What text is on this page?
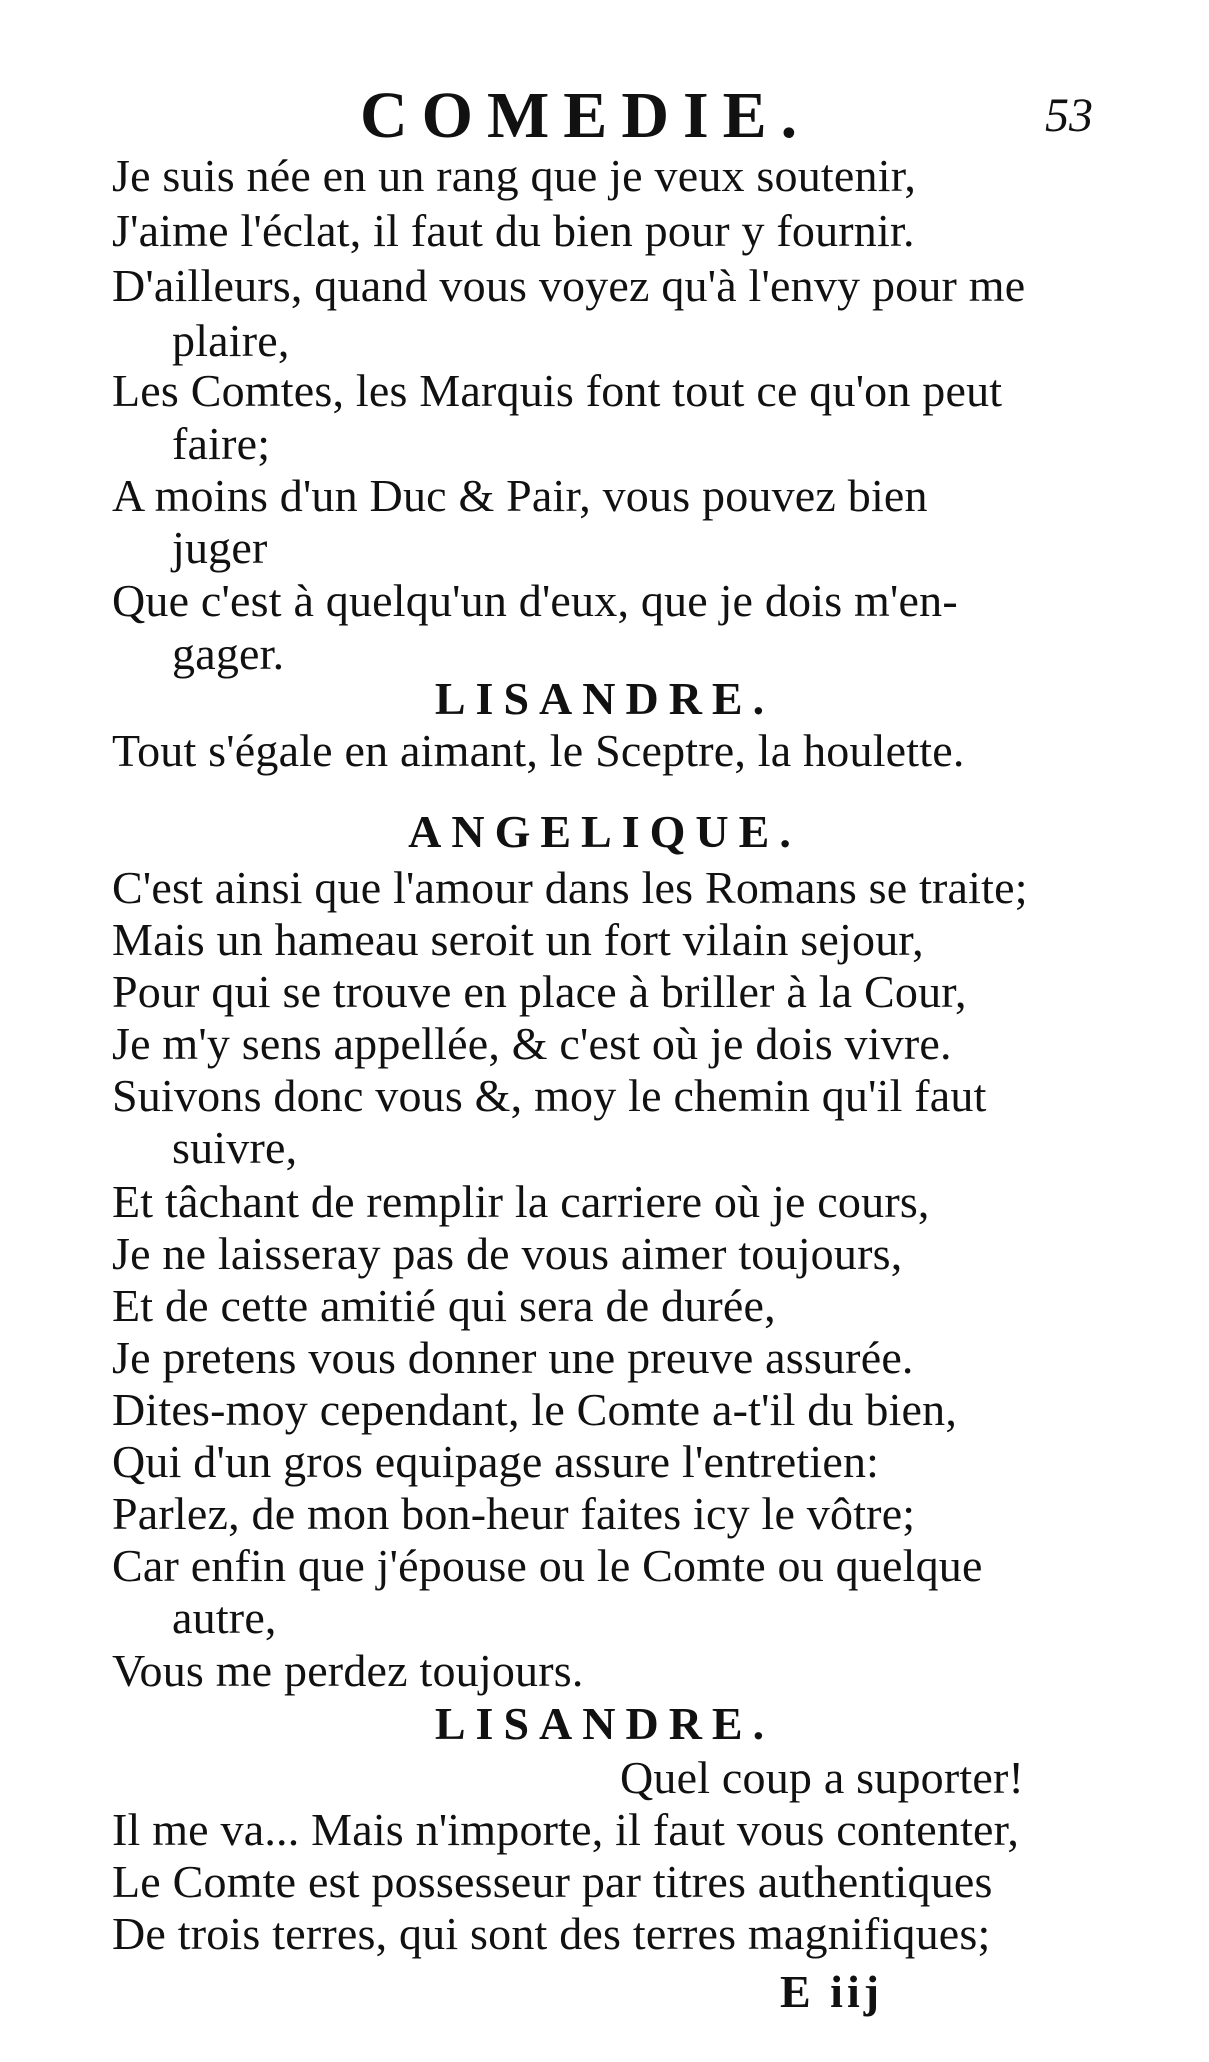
COMEDIE.	53
Je suis née en un rang que je veux soutenir,
J'aime l'éclat, il faut du bien pour y fournir.
D'ailleurs, quand vous voyez qu'à l'envy pour me
plaire,
Les Comtes, les Marquis font tout ce qu'on peut
faire;
A moins d'un Duc & Pair, vous pouvez bien
juger
Que c'est à quelqu'un d'eux, que je dois m'en-
gager.
LISANDRE.
Tout s'égale en aimant, le Sceptre, la houlette.
ANGELIQUE.
C'est ainsi que l'amour dans les Romans se traite;
Mais un hameau seroit un fort vilain sejour,
Pour qui se trouve en place à briller à la Cour,
Je m'y sens appellée, & c'est où je dois vivre.
Suivons donc vous &, moy le chemin qu'il faut
suivre,
Et tâchant de remplir la carriere où je cours,
Je ne laisseray pas de vous aimer toujours,
Et de cette amitié qui sera de durée,
Je pretens vous donner une preuve assurée.
Dites-moy cependant, le Comte a-t'il du bien,
Qui d'un gros equipage assure l'entretien:
Parlez, de mon bon-heur faites icy le vôtre;
Car enfin que j'épouse ou le Comte ou quelque
autre,
Vous me perdez toujours.
LISANDRE.
Quel coup a suporter!
Il me va... Mais n'importe, il faut vous contenter,
Le Comte est possesseur par titres authentiques
De trois terres, qui sont des terres magnifiques;
E iij
